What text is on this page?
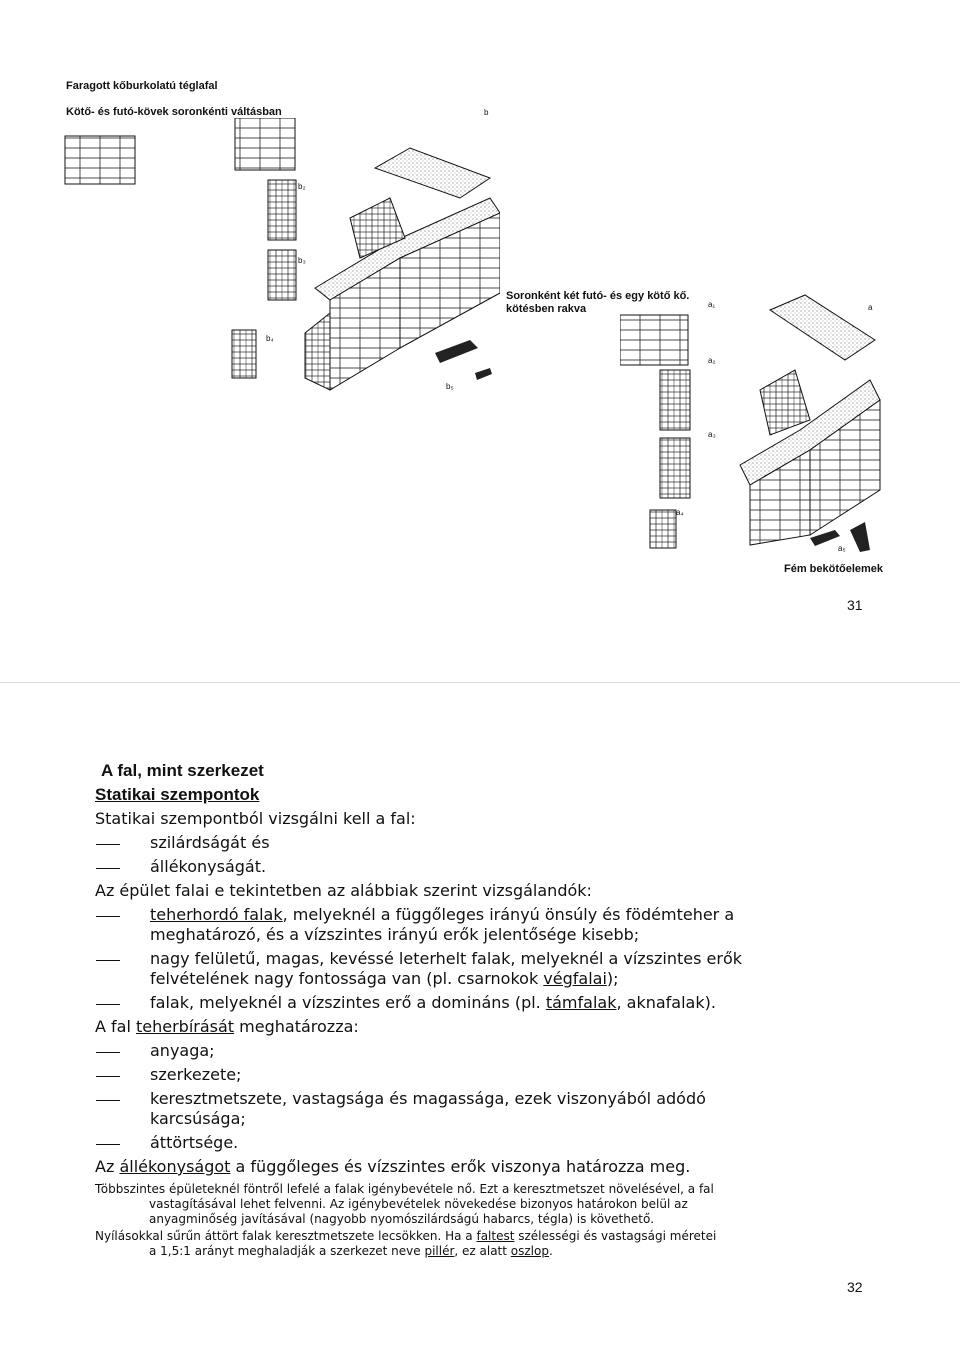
Faragott kőburkolatú téglafal
Kötő- és futó-kövek soronkénti váltásban	b
b₂
b₃
b₄
b₅
Soronként két futó- és egy kötő kő.
kötésben rakva	a₁	a
a₂
a₃
a₄
a₅
Fém bekötőelemek
31
A fal, mint szerkezet
Statikai szempontok
Statikai szempontból vizsgálni kell a fal:
szilárdságát és
állékonyságát.
Az épület falai e tekintetben az alábbiak szerint vizsgálandók:
teherhordó falak, melyeknél a függőleges irányú önsúly és födémteher a
meghatározó, és a vízszintes irányú erők jelentősége kisebb;
nagy felületű, magas, kevéssé leterhelt falak, melyeknél a vízszintes erők
felvételének nagy fontossága van (pl. csarnokok végfalai);
falak, melyeknél a vízszintes erő a domináns (pl. támfalak, aknafalak).
A fal teherbírását meghatározza:
anyaga;
szerkezete;
keresztmetszete, vastagsága és magassága, ezek viszonyából adódó
karcsúsága;
áttörtsége.
Az állékonyságot a függőleges és vízszintes erők viszonya határozza meg.
Többszintes épületeknél föntről lefelé a falak igénybevétele nő. Ezt a keresztmetszet növelésével, a fal
vastagításával lehet felvenni. Az igénybevételek növekedése bizonyos határokon belül az
anyagminőség javításával (nagyobb nyomószilárdságú habarcs, tégla) is követhető.
Nyílásokkal sűrűn áttört falak keresztmetszete lecsökken. Ha a faltest szélességi és vastagsági méretei
a 1,5:1 arányt meghaladják a szerkezet neve pillér, ez alatt oszlop.
32
